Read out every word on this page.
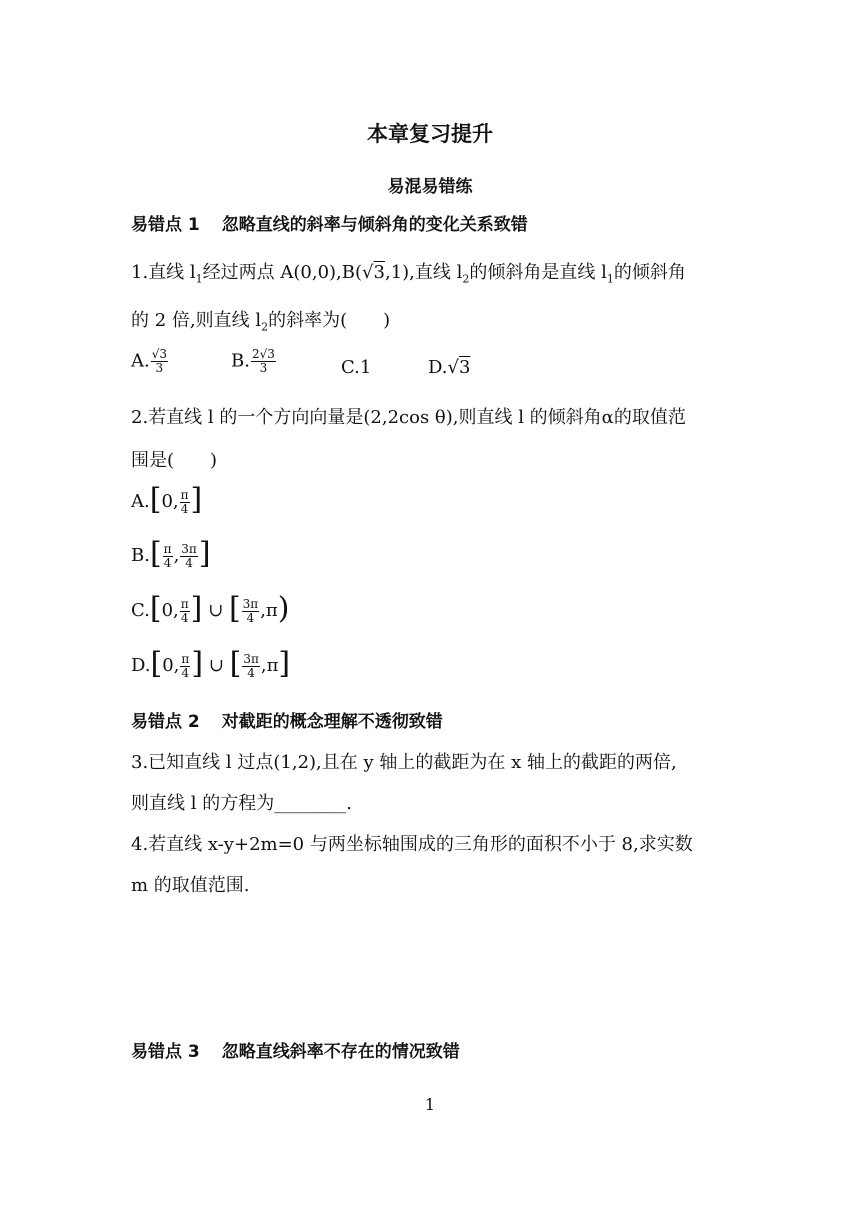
本章复习提升
易混易错练
易错点 1 忽略直线的斜率与倾斜角的变化关系致错
1.直线 $l_1$经过两点 A(0,0),B(√3,1),直线 $l_2$的倾斜角是直线 $l_1$的倾斜角
的 2 倍,则直线 $l_2$的斜率为(　　)
A. $\frac{√3}{3}$	B. $\frac{2√3}{3}$	C.1	D.√3
2.若直线 l 的一个方向向量是(2,2cos θ),则直线 l 的倾斜角α的取值范
围是(　　)
A.[0, $\frac{\pi}{4}$ ]
$B.[ \frac{\pi}{4}$ , $\frac{3\pi}{4}$ ]
C.[0, $\frac{\pi}{4}$ ] ∪ [ $\frac{3\pi}{4} ,\pi$)
D.[0, $\frac{\pi}{4}$ ] ∪ [ $\frac{3\pi}{4} ,\pi$]
易错点 2 对截距的概念理解不透彻致错
3.已知直线 l 过点(1,2),且在 y 轴上的截距为在 x 轴上的截距的两倍,
则直线 l 的方程为________.
4.若直线 x-y+2m=0 与两坐标轴围成的三角形的面积不小于 8,求实数
m 的取值范围.
易错点 3 忽略直线斜率不存在的情况致错
1
